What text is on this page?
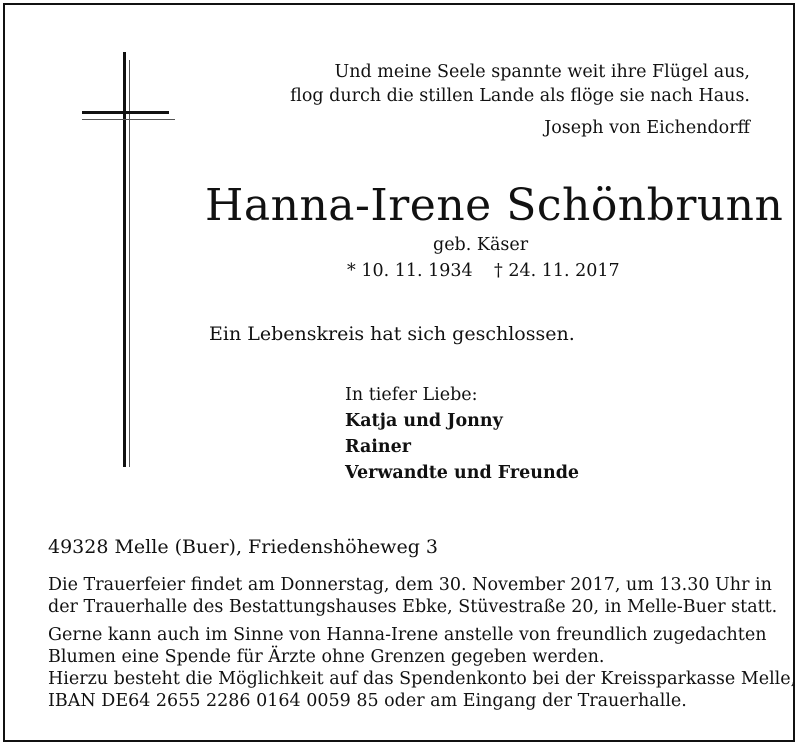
Und meine Seele spannte weit ihre Flügel aus,
flog durch die stillen Lande als flöge sie nach Haus.
Joseph von Eichendorff
Hanna-Irene Schönbrunn
geb. Käser
* 10. 11. 1934 † 24. 11. 2017
Ein Lebenskreis hat sich geschlossen.
In tiefer Liebe:
Katja und Jonny
Rainer
Verwandte und Freunde
49328 Melle (Buer), Friedenshöheweg 3
Die Trauerfeier findet am Donnerstag, dem 30. November 2017, um 13.30 Uhr in
der Trauerhalle des Bestattungshauses Ebke, Stüvestraße 20, in Melle-Buer statt.
Gerne kann auch im Sinne von Hanna-Irene anstelle von freundlich zugedachten
Blumen eine Spende für Ärzte ohne Grenzen gegeben werden.
Hierzu besteht die Möglichkeit auf das Spendenkonto bei der Kreissparkasse Melle,
IBAN DE64 2655 2286 0164 0059 85 oder am Eingang der Trauerhalle.
